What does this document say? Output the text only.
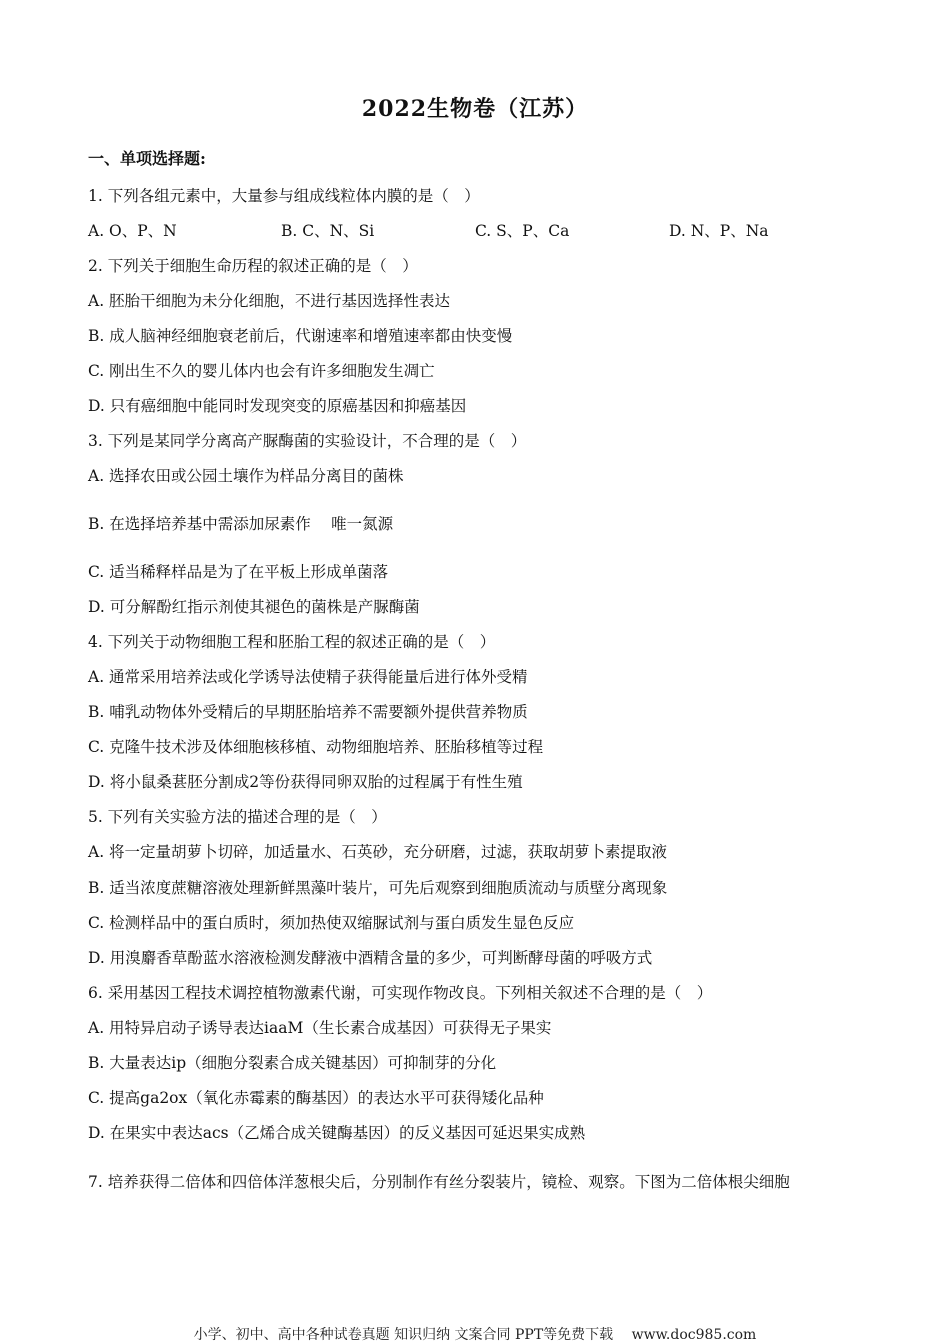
2022生物卷（江苏）
一、单项选择题:
1. 下列各组元素中，大量参与组成线粒体内膜的是（　）
A. O、P、N	B. C、N、Si	C. S、P、Ca	D. N、P、Na
2. 下列关于细胞生命历程的叙述正确的是（　）
A. 胚胎干细胞为未分化细胞，不进行基因选择性表达
B. 成人脑神经细胞衰老前后，代谢速率和增殖速率都由快变慢
C. 刚出生不久的婴儿体内也会有许多细胞发生凋亡
D. 只有癌细胞中能同时发现突变的原癌基因和抑癌基因
3. 下列是某同学分离高产脲酶菌的实验设计，不合理的是（　）
A. 选择农田或公园土壤作为样品分离目的菌株
B. 在选择培养基中需添加尿素作　 唯一氮源
C. 适当稀释样品是为了在平板上形成单菌落
D. 可分解酚红指示剂使其褪色的菌株是产脲酶菌
4. 下列关于动物细胞工程和胚胎工程的叙述正确的是（　）
A. 通常采用培养法或化学诱导法使精子获得能量后进行体外受精
B. 哺乳动物体外受精后的早期胚胎培养不需要额外提供营养物质
C. 克隆牛技术涉及体细胞核移植、动物细胞培养、胚胎移植等过程
D. 将小鼠桑葚胚分割成2等份获得同卵双胎的过程属于有性生殖
5. 下列有关实验方法的描述合理的是（　）
A. 将一定量胡萝卜切碎，加适量水、石英砂，充分研磨，过滤，获取胡萝卜素提取液
B. 适当浓度蔗糖溶液处理新鲜黑藻叶装片，可先后观察到细胞质流动与质壁分离现象
C. 检测样品中的蛋白质时，须加热使双缩脲试剂与蛋白质发生显色反应
D. 用溴麝香草酚蓝水溶液检测发酵液中酒精含量的多少，可判断酵母菌的呼吸方式
6. 采用基因工程技术调控植物激素代谢，可实现作物改良。下列相关叙述不合理的是（　）
A. 用特异启动子诱导表达iaaM（生长素合成基因）可获得无子果实
B. 大量表达ip（细胞分裂素合成关键基因）可抑制芽的分化
C. 提高ga2ox（氧化赤霉素的酶基因）的表达水平可获得矮化品种
D. 在果实中表达acs（乙烯合成关键酶基因）的反义基因可延迟果实成熟
7. 培养获得二倍体和四倍体洋葱根尖后，分别制作有丝分裂装片，镜检、观察。下图为二倍体根尖细胞
小学、初中、高中各种试卷真题 知识归纳 文案合同 PPT等免费下载　 www.doc985.com
